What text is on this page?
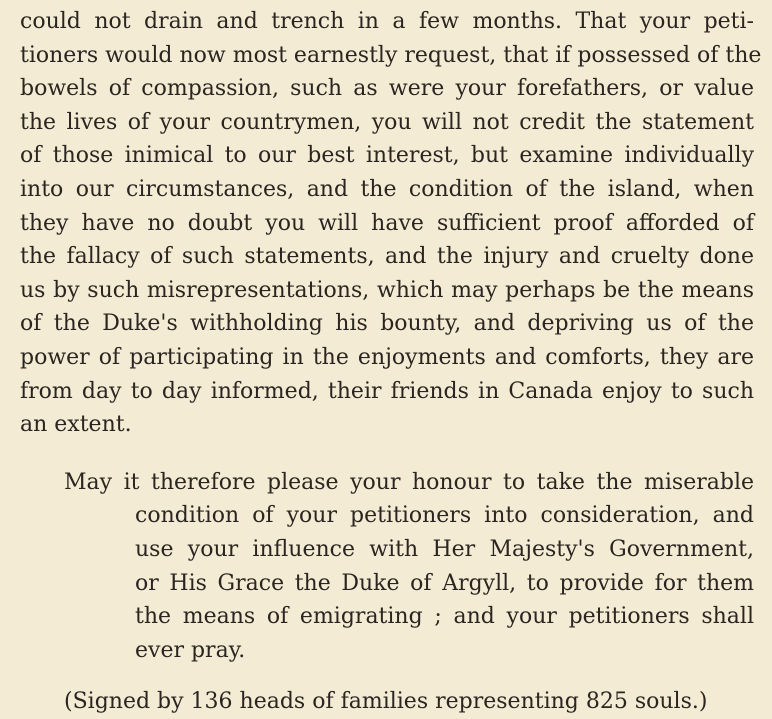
could not drain and trench in a few months. That your peti-
tioners would now most earnestly request, that if possessed of the
bowels of compassion, such as were your forefathers, or value
the lives of your countrymen, you will not credit the statement
of those inimical to our best interest, but examine individually
into our circumstances, and the condition of the island, when
they have no doubt you will have sufficient proof afforded of
the fallacy of such statements, and the injury and cruelty done
us by such misrepresentations, which may perhaps be the means
of the Duke's withholding his bounty, and depriving us of the
power of participating in the enjoyments and comforts, they are
from day to day informed, their friends in Canada enjoy to such
an extent.
May it therefore please your honour to take the miserable
condition of your petitioners into consideration, and
use your influence with Her Majesty's Government,
or His Grace the Duke of Argyll, to provide for them
the means of emigrating ; and your petitioners shall
ever pray.
(Signed by 136 heads of families representing 825 souls.)
